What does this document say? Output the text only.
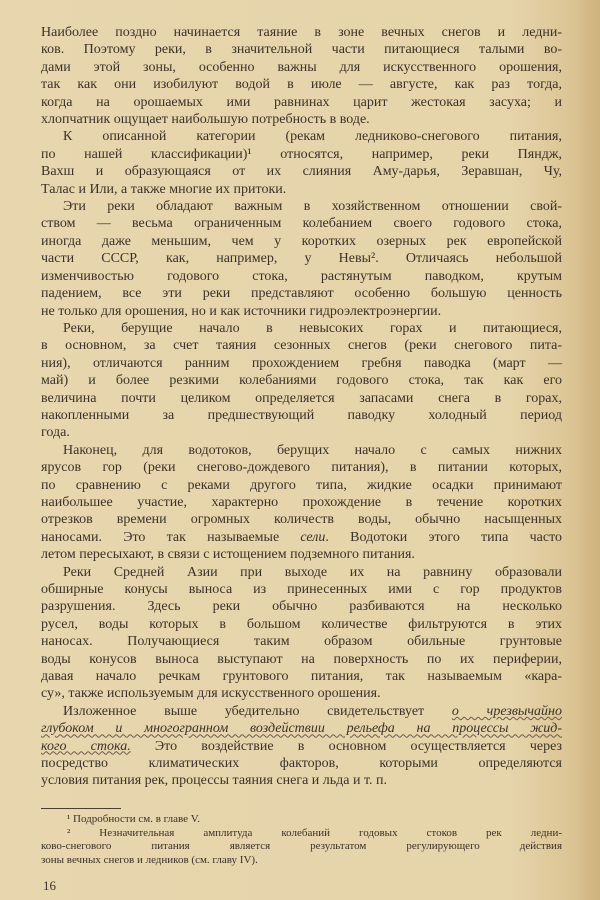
Наиболее поздно начинается таяние в зоне вечных снегов и ледни-
ков. Поэтому реки, в значительной части питающиеся талыми во-
дами этой зоны, особенно важны для искусственного орошения,
так как они изобилуют водой в июле — августе, как раз тогда,
когда на орошаемых ими равнинах царит жестокая засуха; и
хлопчатник ощущает наибольшую потребность в воде.
К описанной категории (рекам ледниково-снегового питания,
по нашей классификации)¹ относятся, например, реки Пяндж,
Вахш и образующаяся от их слияния Аму-дарья, Зеравшан, Чу,
Талас и Или, а также многие их притоки.
Эти реки обладают важным в хозяйственном отношении свой-
ством — весьма ограниченным колебанием своего годового стока,
иногда даже меньшим, чем у коротких озерных рек европейской
части СССР, как, например, у Невы². Отличаясь небольшой
изменчивостью годового стока, растянутым паводком, крутым
падением, все эти реки представляют особенно большую ценность
не только для орошения, но и как источники гидроэлектроэнергии.
Реки, берущие начало в невысоких горах и питающиеся,
в основном, за счет таяния сезонных снегов (реки снегового пита-
ния), отличаются ранним прохождением гребня паводка (март —
май) и более резкими колебаниями годового стока, так как его
величина почти целиком определяется запасами снега в горах,
накопленными за предшествующий паводку холодный период
года.
Наконец, для водотоков, берущих начало с самых нижних
ярусов гор (реки снегово-дождевого питания), в питании которых,
по сравнению с реками другого типа, жидкие осадки принимают
наибольшее участие, характерно прохождение в течение коротких
отрезков времени огромных количеств воды, обычно насыщенных
наносами. Это так называемые сели. Водотоки этого типа часто
летом пересыхают, в связи с истощением подземного питания.
Реки Средней Азии при выходе их на равнину образовали
обширные конусы выноса из принесенных ими с гор продуктов
разрушения. Здесь реки обычно разбиваются на несколько
русел, воды которых в большом количестве фильтруются в этих
наносах. Получающиеся таким образом обильные грунтовые
воды конусов выноса выступают на поверхность по их периферии,
давая начало речкам грунтового питания, так называемым «кара-
су», также используемым для искусственного орошения.
Изложенное выше убедительно свидетельствует о чрезвычайно
глубоком и многогранном воздействии рельефа на процессы жид-
кого стока. Это воздействие в основном осуществляется через
посредство климатических факторов, которыми определяются
условия питания рек, процессы таяния снега и льда и т. п.
¹ Подробности см. в главе V.
² Незначительная амплитуда колебаний годовых стоков рек ледни-
ково-снегового питания является результатом регулирующего действия
зоны вечных снегов и ледников (см. главу IV).
16
